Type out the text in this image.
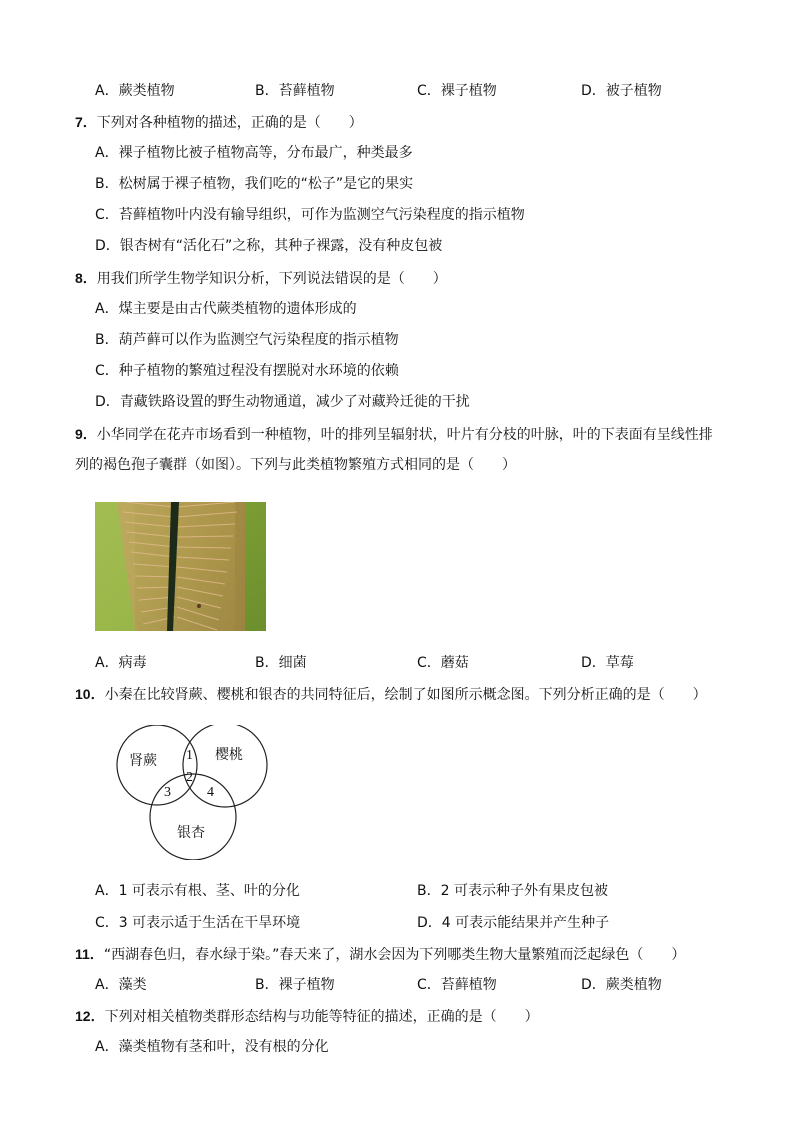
A．蕨类植物	B．苔藓植物	C．裸子植物	D．被子植物
7．下列对各种植物的描述，正确的是（　　）
A．裸子植物比被子植物高等，分布最广，种类最多
B．松树属于裸子植物，我们吃的“松子”是它的果实
C．苔藓植物叶内没有输导组织，可作为监测空气污染程度的指示植物
D．银杏树有“活化石”之称，其种子裸露，没有种皮包被
8．用我们所学生物学知识分析，下列说法错误的是（　　）
A．煤主要是由古代蕨类植物的遗体形成的
B．葫芦藓可以作为监测空气污染程度的指示植物
C．种子植物的繁殖过程没有摆脱对水环境的依赖
D．青藏铁路设置的野生动物通道，减少了对藏羚迁徙的干扰
9．小华同学在花卉市场看到一种植物，叶的排列呈辐射状，叶片有分枝的叶脉，叶的下表面有呈线性排
列的褐色孢子囊群（如图）。下列与此类植物繁殖方式相同的是（　　）
A．病毒	B．细菌	C．蘑菇	D．草莓
10．小秦在比较肾蕨、樱桃和银杏的共同特征后，绘制了如图所示概念图。下列分析正确的是（　　）
肾蕨	樱桃
银杏
1
2
3	4
A．1 可表示有根、茎、叶的分化	B．2 可表示种子外有果皮包被
C．3 可表示适于生活在干旱环境	D．4 可表示能结果并产生种子
11．“西湖春色归，春水绿于染。”春天来了，湖水会因为下列哪类生物大量繁殖而泛起绿色（　　）
A．藻类	B．裸子植物	C．苔藓植物	D．蕨类植物
12．下列对相关植物类群形态结构与功能等特征的描述，正确的是（　　）
A．藻类植物有茎和叶，没有根的分化
